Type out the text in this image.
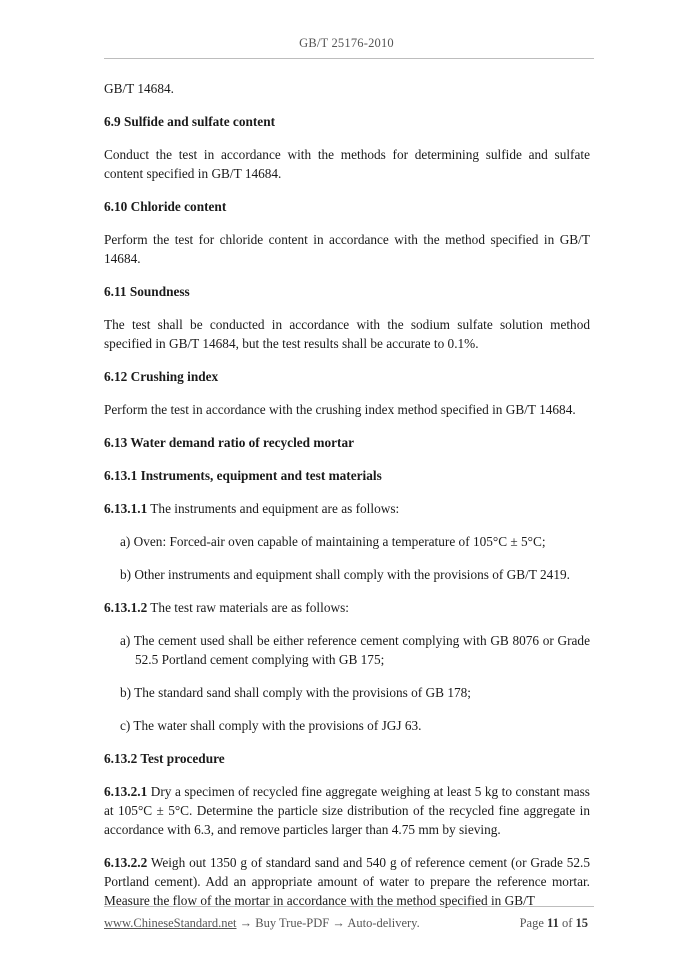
GB/T 25176-2010

GB/T 14684.

6.9 Sulfide and sulfate content

Conduct the test in accordance with the methods for determining sulfide and sulfate content specified in GB/T 14684.

6.10 Chloride content

Perform the test for chloride content in accordance with the method specified in GB/T 14684.

6.11 Soundness

The test shall be conducted in accordance with the sodium sulfate solution method specified in GB/T 14684, but the test results shall be accurate to 0.1%.

6.12 Crushing index

Perform the test in accordance with the crushing index method specified in GB/T 14684.

6.13 Water demand ratio of recycled mortar

6.13.1 Instruments, equipment and test materials

6.13.1.1 The instruments and equipment are as follows:

a) Oven: Forced-air oven capable of maintaining a temperature of 105°C ± 5°C;

b) Other instruments and equipment shall comply with the provisions of GB/T 2419.

6.13.1.2 The test raw materials are as follows:

a) The cement used shall be either reference cement complying with GB 8076 or Grade 52.5 Portland cement complying with GB 175;

b) The standard sand shall comply with the provisions of GB 178;

c) The water shall comply with the provisions of JGJ 63.

6.13.2 Test procedure

6.13.2.1 Dry a specimen of recycled fine aggregate weighing at least 5 kg to constant mass at 105°C ± 5°C. Determine the particle size distribution of the recycled fine aggregate in accordance with 6.3, and remove particles larger than 4.75 mm by sieving.

6.13.2.2 Weigh out 1350 g of standard sand and 540 g of reference cement (or Grade 52.5 Portland cement). Add an appropriate amount of water to prepare the reference mortar. Measure the flow of the mortar in accordance with the method specified in GB/T

www.ChineseStandard.net → Buy True-PDF → Auto-delivery.	Page 11 of 15
